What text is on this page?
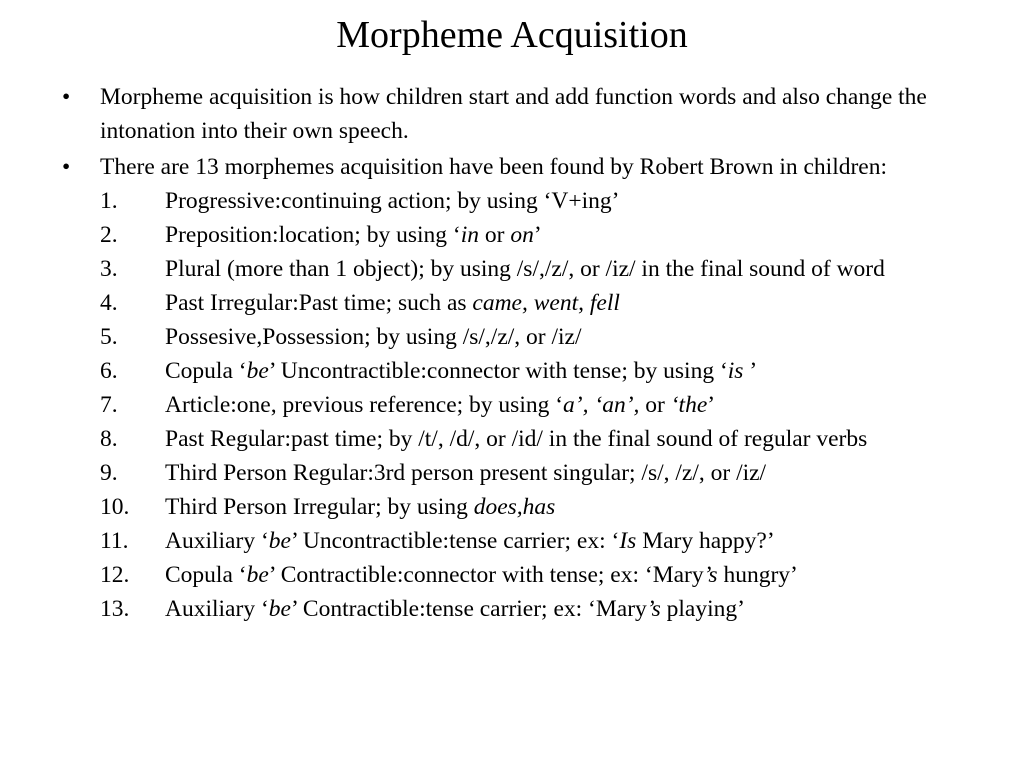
Morpheme Acquisition
• Morpheme acquisition is how children start and add function words and also change the intonation into their own speech.
• There are 13 morphemes acquisition have been found by Robert Brown in children:
1. Progressive:continuing action; by using ‘V+ing’
2. Preposition:location; by using ‘in or on’
3. Plural (more than 1 object); by using /s/,/z/, or /iz/ in the final sound of word
4. Past Irregular:Past time; such as came, went, fell
5. Possesive,Possession; by using /s/,/z/, or /iz/
6. Copula ‘be’ Uncontractible:connector with tense; by using ‘is ’
7. Article:one, previous reference; by using ‘a’, ‘an’, or ‘the’
8. Past Regular:past time; by /t/, /d/, or /id/ in the final sound of regular verbs
9. Third Person Regular:3rd person present singular; /s/, /z/, or /iz/
10. Third Person Irregular; by using does,has
11. Auxiliary ‘be’ Uncontractible:tense carrier; ex: ‘Is Mary happy?’
12. Copula ‘be’ Contractible:connector with tense; ex: ‘Mary’s hungry’
13. Auxiliary ‘be’ Contractible:tense carrier; ex: ‘Mary’s playing’
